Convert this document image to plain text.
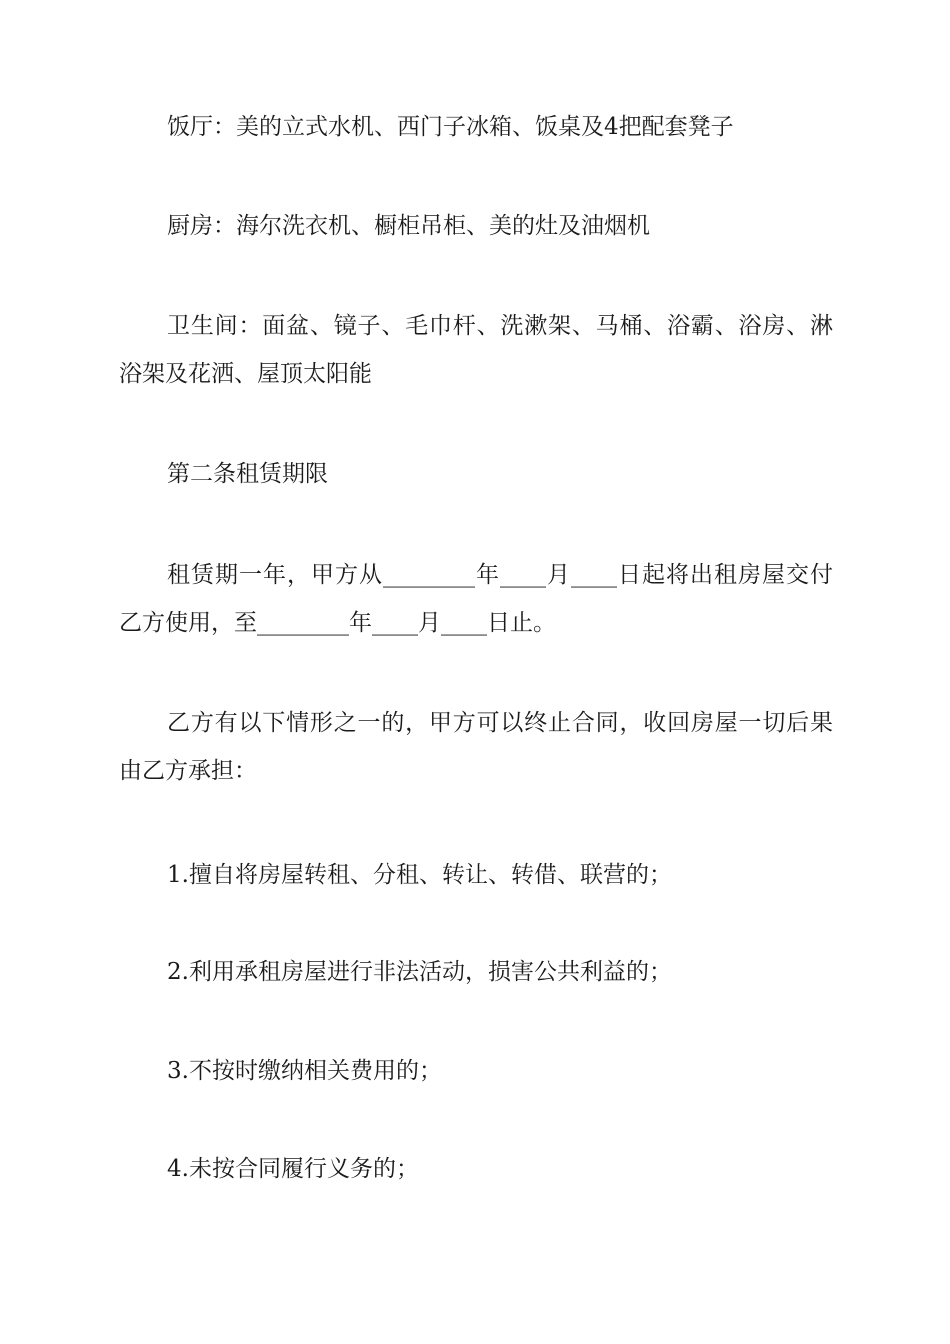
饭厅：美的立式水机、西门子冰箱、饭桌及4把配套凳子

厨房：海尔洗衣机、橱柜吊柜、美的灶及油烟机

卫生间：面盆、镜子、毛巾杆、洗漱架、马桶、浴霸、浴房、淋浴架及花洒、屋顶太阳能

第二条租赁期限

租赁期一年，甲方从________年____月____日起将出租房屋交付乙方使用，至________年____月____日止。

乙方有以下情形之一的，甲方可以终止合同，收回房屋一切后果由乙方承担：

1.擅自将房屋转租、分租、转让、转借、联营的；

2.利用承租房屋进行非法活动，损害公共利益的；

3.不按时缴纳相关费用的；

4.未按合同履行义务的；
